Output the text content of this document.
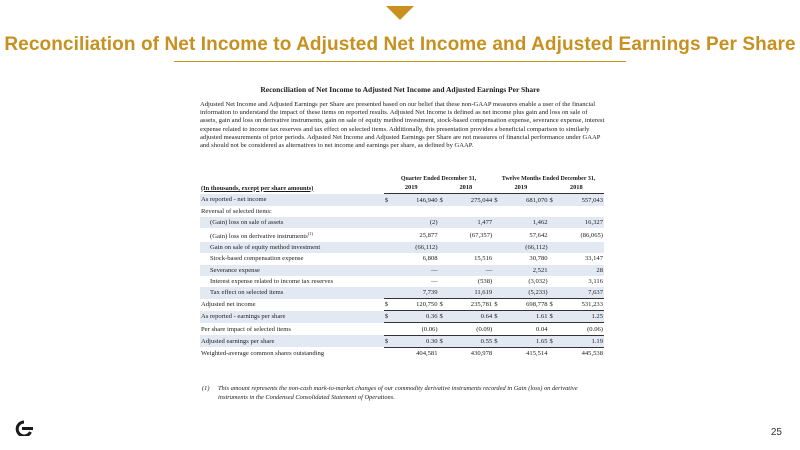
Reconciliation of Net Income to Adjusted Net Income and Adjusted Earnings Per Share
Reconciliation of Net Income to Adjusted Net Income and Adjusted Earnings Per Share
Adjusted Net Income and Adjusted Earnings per Share are presented based on our belief that these non-GAAP measures enable a user of the financial information to understand the impact of these items on reported results. Adjusted Net Income is defined as net income plus gain and loss on sale of assets, gain and loss on derivative instruments, gain on sale of equity method investment, stock-based compensation expense, severance expense, interest expense related to income tax reserves and tax effect on selected items. Additionally, this presentation provides a beneficial comparison to similarly adjusted measurements of prior periods. Adjusted Net Income and Adjusted Earnings per Share are not measures of financial performance under GAAP and should not be considered as alternatives to net income and earnings per share, as defined by GAAP.
	Quarter Ended December 31,				Twelve Months Ended December 31,			
(In thousands, except per share amounts)	2019		2018		2019		2018	
As reported - net income	$	146,940	$	275,044	$	681,070	$	557,043
Reversal of selected items:								
(Gain) loss on sale of assets		(2)		1,477		1,462		16,327
(Gain) loss on derivative instruments$^{(1)}$		25,877		(67,357)		57,642		(86,065)
Gain on sale of equity method investment		(66,112)				(66,112)		
Stock-based compensation expense		6,808		15,516		30,780		33,147
Severance expense		—		—		2,521		28
Interest expense related to income tax reserves		—		(538)		(3,032)		3,116
Tax effect on selected items		7,739		11,619		(5,233)		7,637
Adjusted net income	$	120,750	$	235,781	$	698,778	$	531,233
As reported - earnings per share	$	0.36	$	0.64	$	1.61	$	1.25
Per share impact of selected items		(0.06)		(0.09)		0.04		(0.06)
Adjusted earnings per share	$	0.30	$	0.55	$	1.65	$	1.19
Weighted-average common shares outstanding		404,581		430,978		415,514		445,538
(1) This amount represents the non-cash mark-to-market changes of our commodity derivative instruments recorded in Gain (loss) on derivative instruments in the Condensed Consolidated Statement of Operations.
25
